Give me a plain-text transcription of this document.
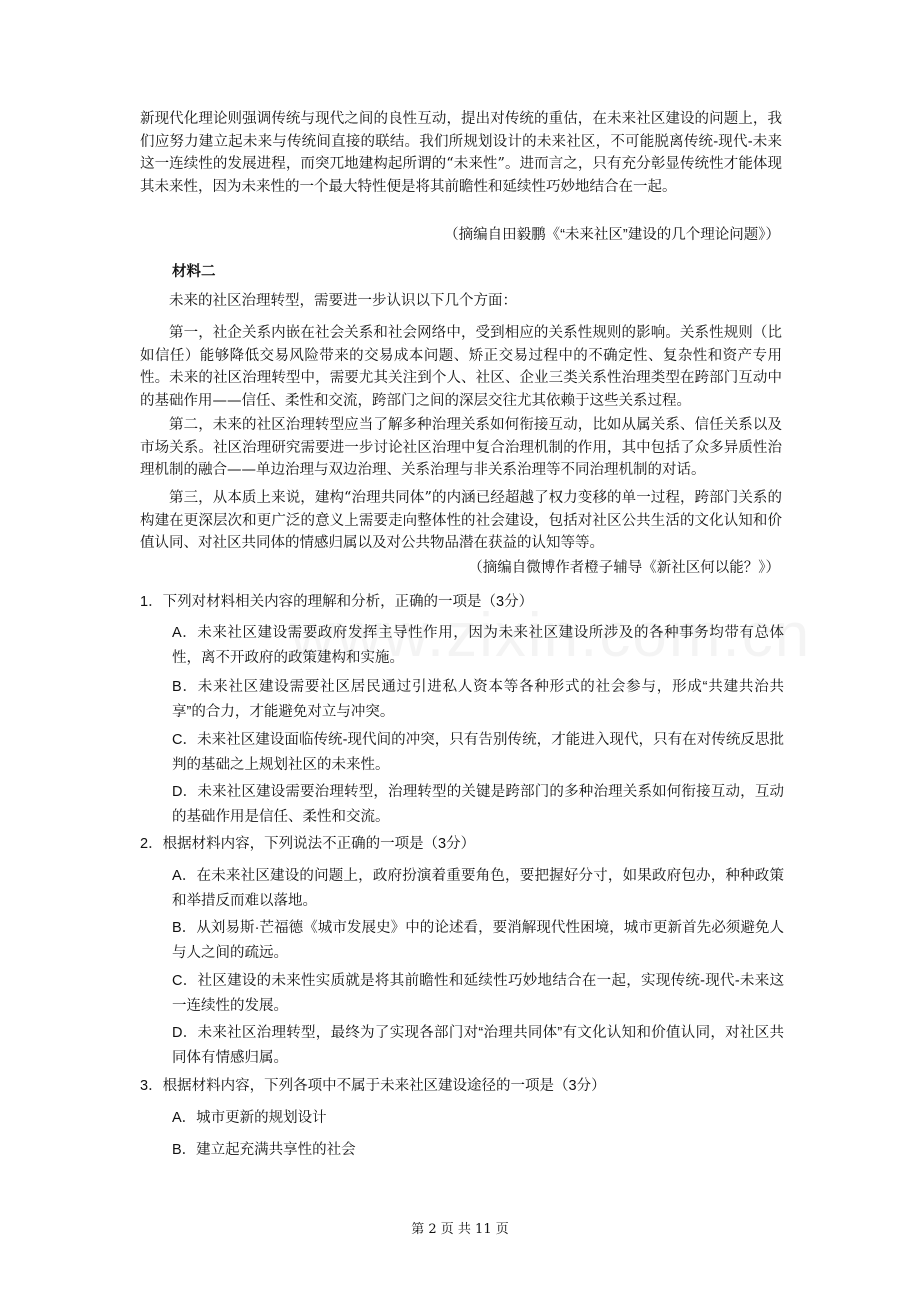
新现代化理论则强调传统与现代之间的良性互动，提出对传统的重估，在未来社区建设的问题上，我们应努力建立起未来与传统间直接的联结。我们所规划设计的未来社区，不可能脱离传统-现代-未来这一连续性的发展进程，而突兀地建构起所谓的“未来性”。进而言之，只有充分彰显传统性才能体现其未来性，因为未来性的一个最大特性便是将其前瞻性和延续性巧妙地结合在一起。

（摘编自田毅鹏《“未来社区”建设的几个理论问题》）

材料二

未来的社区治理转型，需要进一步认识以下几个方面：

第一，社企关系内嵌在社会关系和社会网络中，受到相应的关系性规则的影响。关系性规则（比如信任）能够降低交易风险带来的交易成本问题、矫正交易过程中的不确定性、复杂性和资产专用性。未来的社区治理转型中，需要尤其关注到个人、社区、企业三类关系性治理类型在跨部门互动中的基础作用——信任、柔性和交流，跨部门之间的深层交往尤其依赖于这些关系过程。

第二，未来的社区治理转型应当了解多种治理关系如何衔接互动，比如从属关系、信任关系以及市场关系。社区治理研究需要进一步讨论社区治理中复合治理机制的作用，其中包括了众多异质性治理机制的融合——单边治理与双边治理、关系治理与非关系治理等不同治理机制的对话。

第三，从本质上来说，建构“治理共同体”的内涵已经超越了权力变移的单一过程，跨部门关系的构建在更深层次和更广泛的意义上需要走向整体性的社会建设，包括对社区公共生活的文化认知和价值认同、对社区共同体的情感归属以及对公共物品潜在获益的认知等等。

（摘编自微博作者橙子辅导《新社区何以能？》）

1．下列对材料相关内容的理解和分析，正确的一项是（3分）

A．未来社区建设需要政府发挥主导性作用，因为未来社区建设所涉及的各种事务均带有总体性，离不开政府的政策建构和实施。

B．未来社区建设需要社区居民通过引进私人资本等各种形式的社会参与，形成“共建共治共享”的合力，才能避免对立与冲突。

C．未来社区建设面临传统-现代间的冲突，只有告别传统，才能进入现代，只有在对传统反思批判的基础之上规划社区的未来性。

D．未来社区建设需要治理转型，治理转型的关键是跨部门的多种治理关系如何衔接互动，互动的基础作用是信任、柔性和交流。

2．根据材料内容，下列说法不正确的一项是（3分）

A．在未来社区建设的问题上，政府扮演着重要角色，要把握好分寸，如果政府包办，种种政策和举措反而难以落地。

B．从刘易斯·芒福德《城市发展史》中的论述看，要消解现代性困境，城市更新首先必须避免人与人之间的疏远。

C．社区建设的未来性实质就是将其前瞻性和延续性巧妙地结合在一起，实现传统-现代-未来这一连续性的发展。

D．未来社区治理转型，最终为了实现各部门对“治理共同体”有文化认知和价值认同，对社区共同体有情感归属。

3．根据材料内容，下列各项中不属于未来社区建设途径的一项是（3分）

A．城市更新的规划设计

B．建立起充满共享性的社会

第 2 页 共 11 页
